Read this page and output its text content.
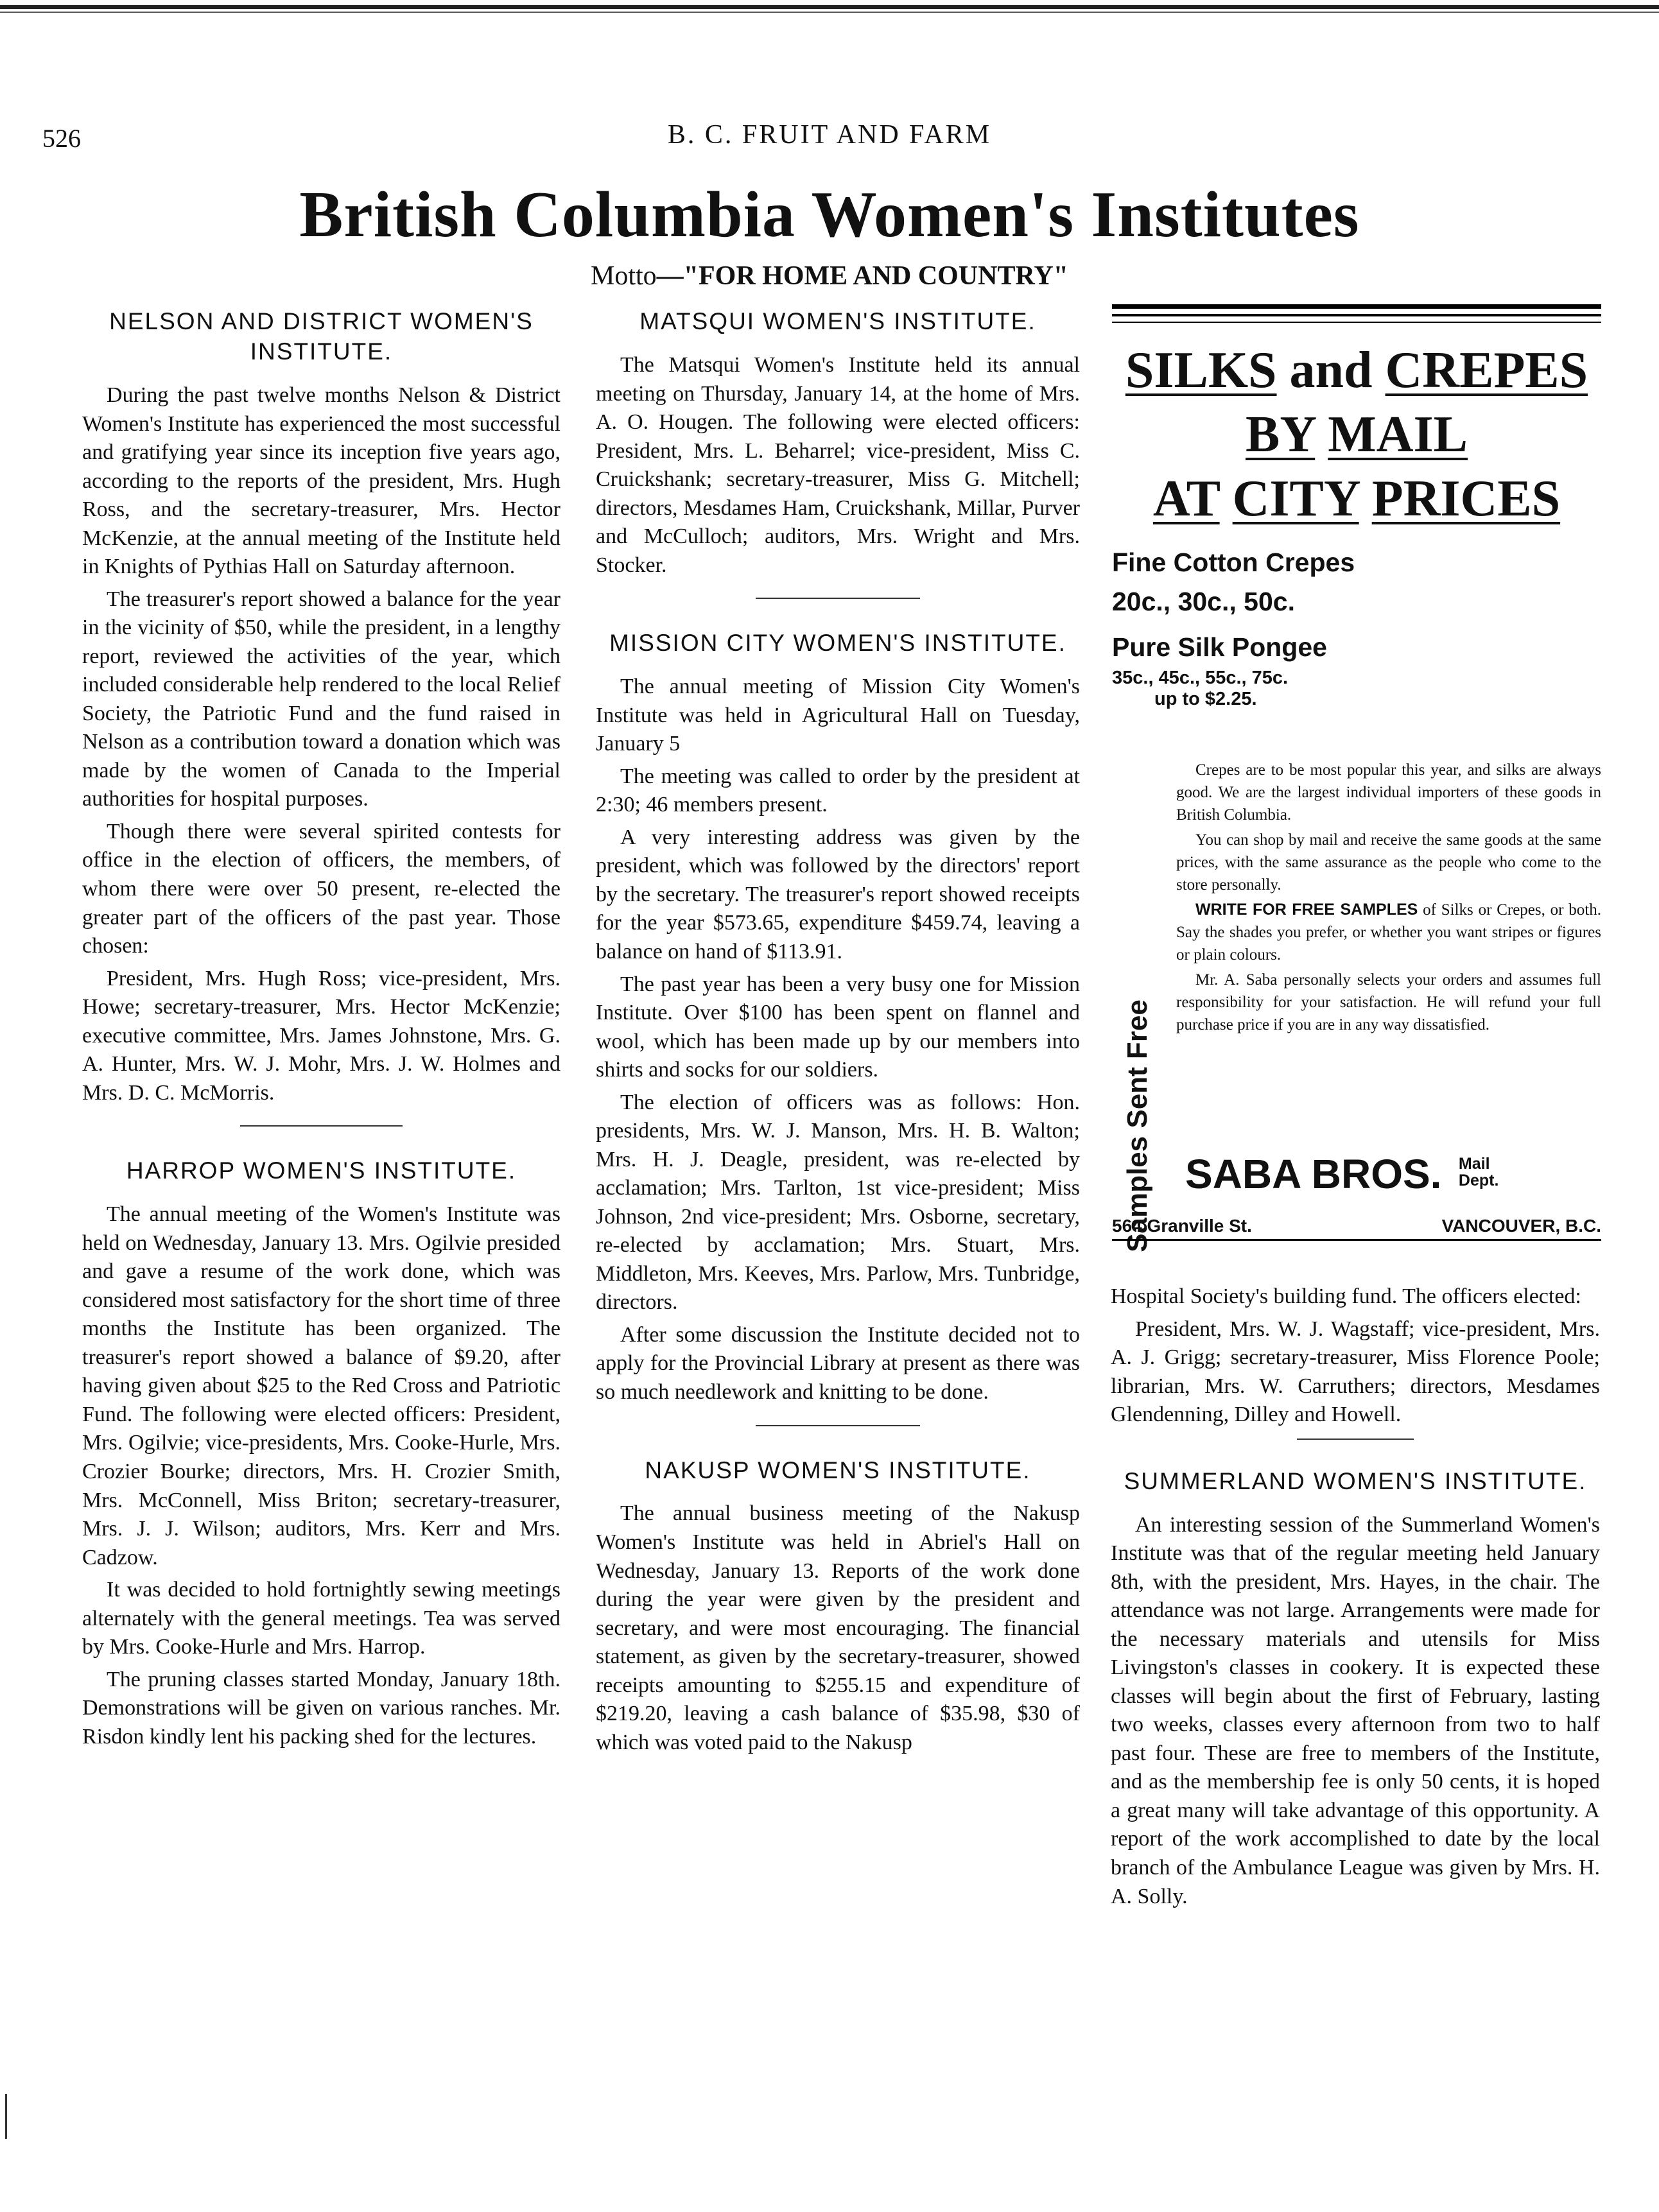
526	B. C. FRUIT AND FARM
British Columbia Women's Institutes
Motto—"FOR HOME AND COUNTRY"
NELSON AND DISTRICT WOMEN'S INSTITUTE.

During the past twelve months Nelson & District Women's Institute has experienced the most successful and gratifying year since its inception five years ago, according to the reports of the president, Mrs. Hugh Ross, and the secretary-treasurer, Mrs. Hector McKenzie, at the annual meeting of the Institute held in Knights of Pythias Hall on Saturday afternoon.

The treasurer's report showed a balance for the year in the vicinity of $50, while the president, in a lengthy report, reviewed the activities of the year, which included considerable help rendered to the local Relief Society, the Patriotic Fund and the fund raised in Nelson as a contribution toward a donation which was made by the women of Canada to the Imperial authorities for hospital purposes.

Though there were several spirited contests for office in the election of officers, the members, of whom there were over 50 present, re-elected the greater part of the officers of the past year. Those chosen:

President, Mrs. Hugh Ross; vice-president, Mrs. Howe; secretary-treasurer, Mrs. Hector McKenzie; executive committee, Mrs. James Johnstone, Mrs. G. A. Hunter, Mrs. W. J. Mohr, Mrs. J. W. Holmes and Mrs. D. C. McMorris.

HARROP WOMEN'S INSTITUTE.

The annual meeting of the Women's Institute was held on Wednesday, January 13. Mrs. Ogilvie presided and gave a resume of the work done, which was considered most satisfactory for the short time of three months the Institute has been organized. The treasurer's report showed a balance of $9.20, after having given about $25 to the Red Cross and Patriotic Fund. The following were elected officers: President, Mrs. Ogilvie; vice-presidents, Mrs. Cooke-Hurle, Mrs. Crozier Bourke; directors, Mrs. H. Crozier Smith, Mrs. McConnell, Miss Briton; secretary-treasurer, Mrs. J. J. Wilson; auditors, Mrs. Kerr and Mrs. Cadzow.

It was decided to hold fortnightly sewing meetings alternately with the general meetings. Tea was served by Mrs. Cooke-Hurle and Mrs. Harrop.

The pruning classes started Monday, January 18th. Demonstrations will be given on various ranches. Mr. Risdon kindly lent his packing shed for the lectures.

MATSQUI WOMEN'S INSTITUTE.

The Matsqui Women's Institute held its annual meeting on Thursday, January 14, at the home of Mrs. A. O. Hougen. The following were elected officers: President, Mrs. L. Beharrel; vice-president, Miss C. Cruickshank; secretary-treasurer, Miss G. Mitchell; directors, Mesdames Ham, Cruickshank, Millar, Purver and McCulloch; auditors, Mrs. Wright and Mrs. Stocker.

MISSION CITY WOMEN'S INSTITUTE.

The annual meeting of Mission City Women's Institute was held in Agricultural Hall on Tuesday, January 5

The meeting was called to order by the president at 2:30; 46 members present.

A very interesting address was given by the president, which was followed by the directors' report by the secretary. The treasurer's report showed receipts for the year $573.65, expenditure $459.74, leaving a balance on hand of $113.91.

The past year has been a very busy one for Mission Institute. Over $100 has been spent on flannel and wool, which has been made up by our members into shirts and socks for our soldiers.

The election of officers was as follows: Hon. presidents, Mrs. W. J. Manson, Mrs. H. B. Walton; Mrs. H. J. Deagle, president, was re-elected by acclamation; Mrs. Tarlton, 1st vice-president; Miss Johnson, 2nd vice-president; Mrs. Osborne, secretary, re-elected by acclamation; Mrs. Stuart, Mrs. Middleton, Mrs. Keeves, Mrs. Parlow, Mrs. Tunbridge, directors.

After some discussion the Institute decided not to apply for the Provincial Library at present as there was so much needlework and knitting to be done.

NAKUSP WOMEN'S INSTITUTE.

The annual business meeting of the Nakusp Women's Institute was held in Abriel's Hall on Wednesday, January 13. Reports of the work done during the year were given by the president and secretary, and were most encouraging. The financial statement, as given by the secretary-treasurer, showed receipts amounting to $255.15 and expenditure of $219.20, leaving a cash balance of $35.98, $30 of which was voted paid to the Nakusp

SILKS and CREPES
BY MAIL
AT CITY PRICES
Fine Cotton Crepes
20c., 30c., 50c.
Pure Silk Pongee
35c., 45c., 55c., 75c.
up to $2.25.
Samples Sent Free

Crepes are to be most popular this year, and silks are always good. We are the largest individual importers of these goods in British Columbia.

You can shop by mail and receive the same goods at the same prices, with the same assurance as the people who come to the store personally.

WRITE FOR FREE SAMPLES of Silks or Crepes, or both. Say the shades you prefer, or whether you want stripes or figures or plain colours.

Mr. A. Saba personally selects your orders and assumes full responsibility for your satisfaction. He will refund your full purchase price if you are in any way dissatisfied.

SABA BROS. Mail
Dept.
564 Granville St.	VANCOUVER, B.C.

Hospital Society's building fund. The officers elected:

President, Mrs. W. J. Wagstaff; vice-president, Mrs. A. J. Grigg; secretary-treasurer, Miss Florence Poole; librarian, Mrs. W. Carruthers; directors, Mesdames Glendenning, Dilley and Howell.

SUMMERLAND WOMEN'S INSTITUTE.

An interesting session of the Summerland Women's Institute was that of the regular meeting held January 8th, with the president, Mrs. Hayes, in the chair. The attendance was not large. Arrangements were made for the necessary materials and utensils for Miss Livingston's classes in cookery. It is expected these classes will begin about the first of February, lasting two weeks, classes every afternoon from two to half past four. These are free to members of the Institute, and as the membership fee is only 50 cents, it is hoped a great many will take advantage of this opportunity. A report of the work accomplished to date by the local branch of the Ambulance League was given by Mrs. H. A. Solly.
